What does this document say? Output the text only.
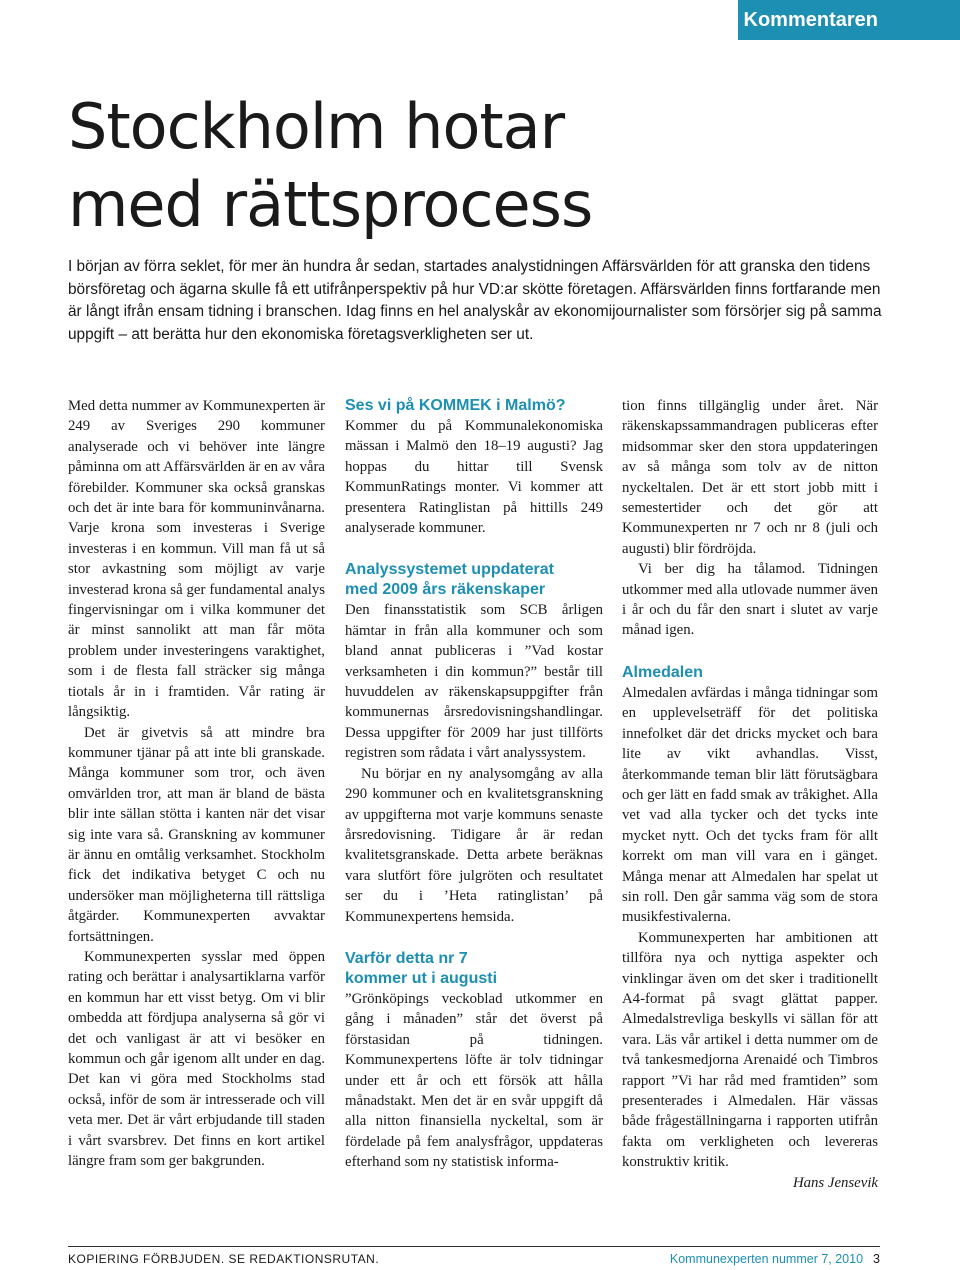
Kommentaren
Stockholm hotar
med rättsprocess

I början av förra seklet, för mer än hundra år sedan, startades analystidningen Affärsvärlden för att granska den tidens börsföretag och ägarna skulle få ett utifrånperspektiv på hur VD:ar skötte företagen. Affärsvärlden finns fortfarande men är långt ifrån ensam tidning i branschen. Idag finns en hel analyskår av ekonomijournalister som försörjer sig på samma uppgift – att berätta hur den ekonomiska företagsverkligheten ser ut.

Med detta nummer av Kommunexperten är 249 av Sveriges 290 kommuner analyserade och vi behöver inte längre påminna om att Affärsvärlden är en av våra förebilder. Kommuner ska också granskas och det är inte bara för kommuninvånarna. Varje krona som investeras i Sverige investeras i en kommun. Vill man få ut så stor avkastning som möjligt av varje investerad krona så ger fundamental analys fingervisningar om i vilka kommuner det är minst sannolikt att man får möta problem under investeringens varaktighet, som i de flesta fall sträcker sig många tiotals år in i framtiden. Vår rating är långsiktig.

Det är givetvis så att mindre bra kommuner tjänar på att inte bli granskade. Många kommuner som tror, och även omvärlden tror, att man är bland de bästa blir inte sällan stötta i kanten när det visar sig inte vara så. Granskning av kommuner är ännu en omtålig verksamhet. Stockholm fick det indikativa betyget C och nu undersöker man möjligheterna till rättsliga åtgärder. Kommunexperten avvaktar fortsättningen.

Kommunexperten sysslar med öppen rating och berättar i analysartiklarna varför en kommun har ett visst betyg. Om vi blir ombedda att fördjupa analyserna så gör vi det och vanligast är att vi besöker en kommun och går igenom allt under en dag. Det kan vi göra med Stockholms stad också, inför de som är intresserade och vill veta mer. Det är vårt erbjudande till staden i vårt svarsbrev. Det finns en kort artikel längre fram som ger bakgrunden.

Ses vi på KOMMEK i Malmö?

Kommer du på Kommunalekonomiska mässan i Malmö den 18–19 augusti? Jag hoppas du hittar till Svensk KommunRatings monter. Vi kommer att presentera Ratinglistan på hittills 249 analyserade kommuner.

Analyssystemet uppdaterat
med 2009 års räkenskaper

Den finansstatistik som SCB årligen hämtar in från alla kommuner och som bland annat publiceras i ”Vad kostar verksamheten i din kommun?” består till huvuddelen av räkenskapsuppgifter från kommunernas årsredovisningshandlingar. Dessa uppgifter för 2009 har just tillförts registren som rådata i vårt analyssystem.

Nu börjar en ny analysomgång av alla 290 kommuner och en kvalitetsgranskning av uppgifterna mot varje kommuns senaste årsredovisning. Tidigare år är redan kvalitetsgranskade. Detta arbete beräknas vara slutfört före julgröten och resultatet ser du i ’Heta ratinglistan’ på Kommunexpertens hemsida.

Varför detta nr 7
kommer ut i augusti

”Grönköpings veckoblad utkommer en gång i månaden” står det överst på förstasidan på tidningen. Kommunexpertens löfte är tolv tidningar under ett år och ett försök att hålla månadstakt. Men det är en svår uppgift då alla nitton finansiella nyckeltal, som är fördelade på fem analysfrågor, uppdateras efterhand som ny statistisk informa-

tion finns tillgänglig under året. När räkenskapssammandragen publiceras efter midsommar sker den stora uppdateringen av så många som tolv av de nitton nyckeltalen. Det är ett stort jobb mitt i semestertider och det gör att Kommunexperten nr 7 och nr 8 (juli och augusti) blir fördröjda.

Vi ber dig ha tålamod. Tidningen utkommer med alla utlovade nummer även i år och du får den snart i slutet av varje månad igen.

Almedalen

Almedalen avfärdas i många tidningar som en upplevelseträff för det politiska innefolket där det dricks mycket och bara lite av vikt avhandlas. Visst, återkommande teman blir lätt förutsägbara och ger lätt en fadd smak av tråkighet. Alla vet vad alla tycker och det tycks inte mycket nytt. Och det tycks fram för allt korrekt om man vill vara en i gänget. Många menar att Almedalen har spelat ut sin roll. Den går samma väg som de stora musikfestivalerna.

Kommunexperten har ambitionen att tillföra nya och nyttiga aspekter och vinklingar även om det sker i traditionellt A4-format på svagt glättat papper. Almedalstrevliga beskylls vi sällan för att vara. Läs vår artikel i detta nummer om de två tankesmedjorna Arenaidé och Timbros rapport ”Vi har råd med framtiden” som presenterades i Almedalen. Här vässas både frågeställningarna i rapporten utifrån fakta om verkligheten och levereras konstruktiv kritik.

Hans Jensevik

KOPIERING FÖRBJUDEN. SE REDAKTIONSRUTAN.	Kommunexperten nummer 7, 2010 3
